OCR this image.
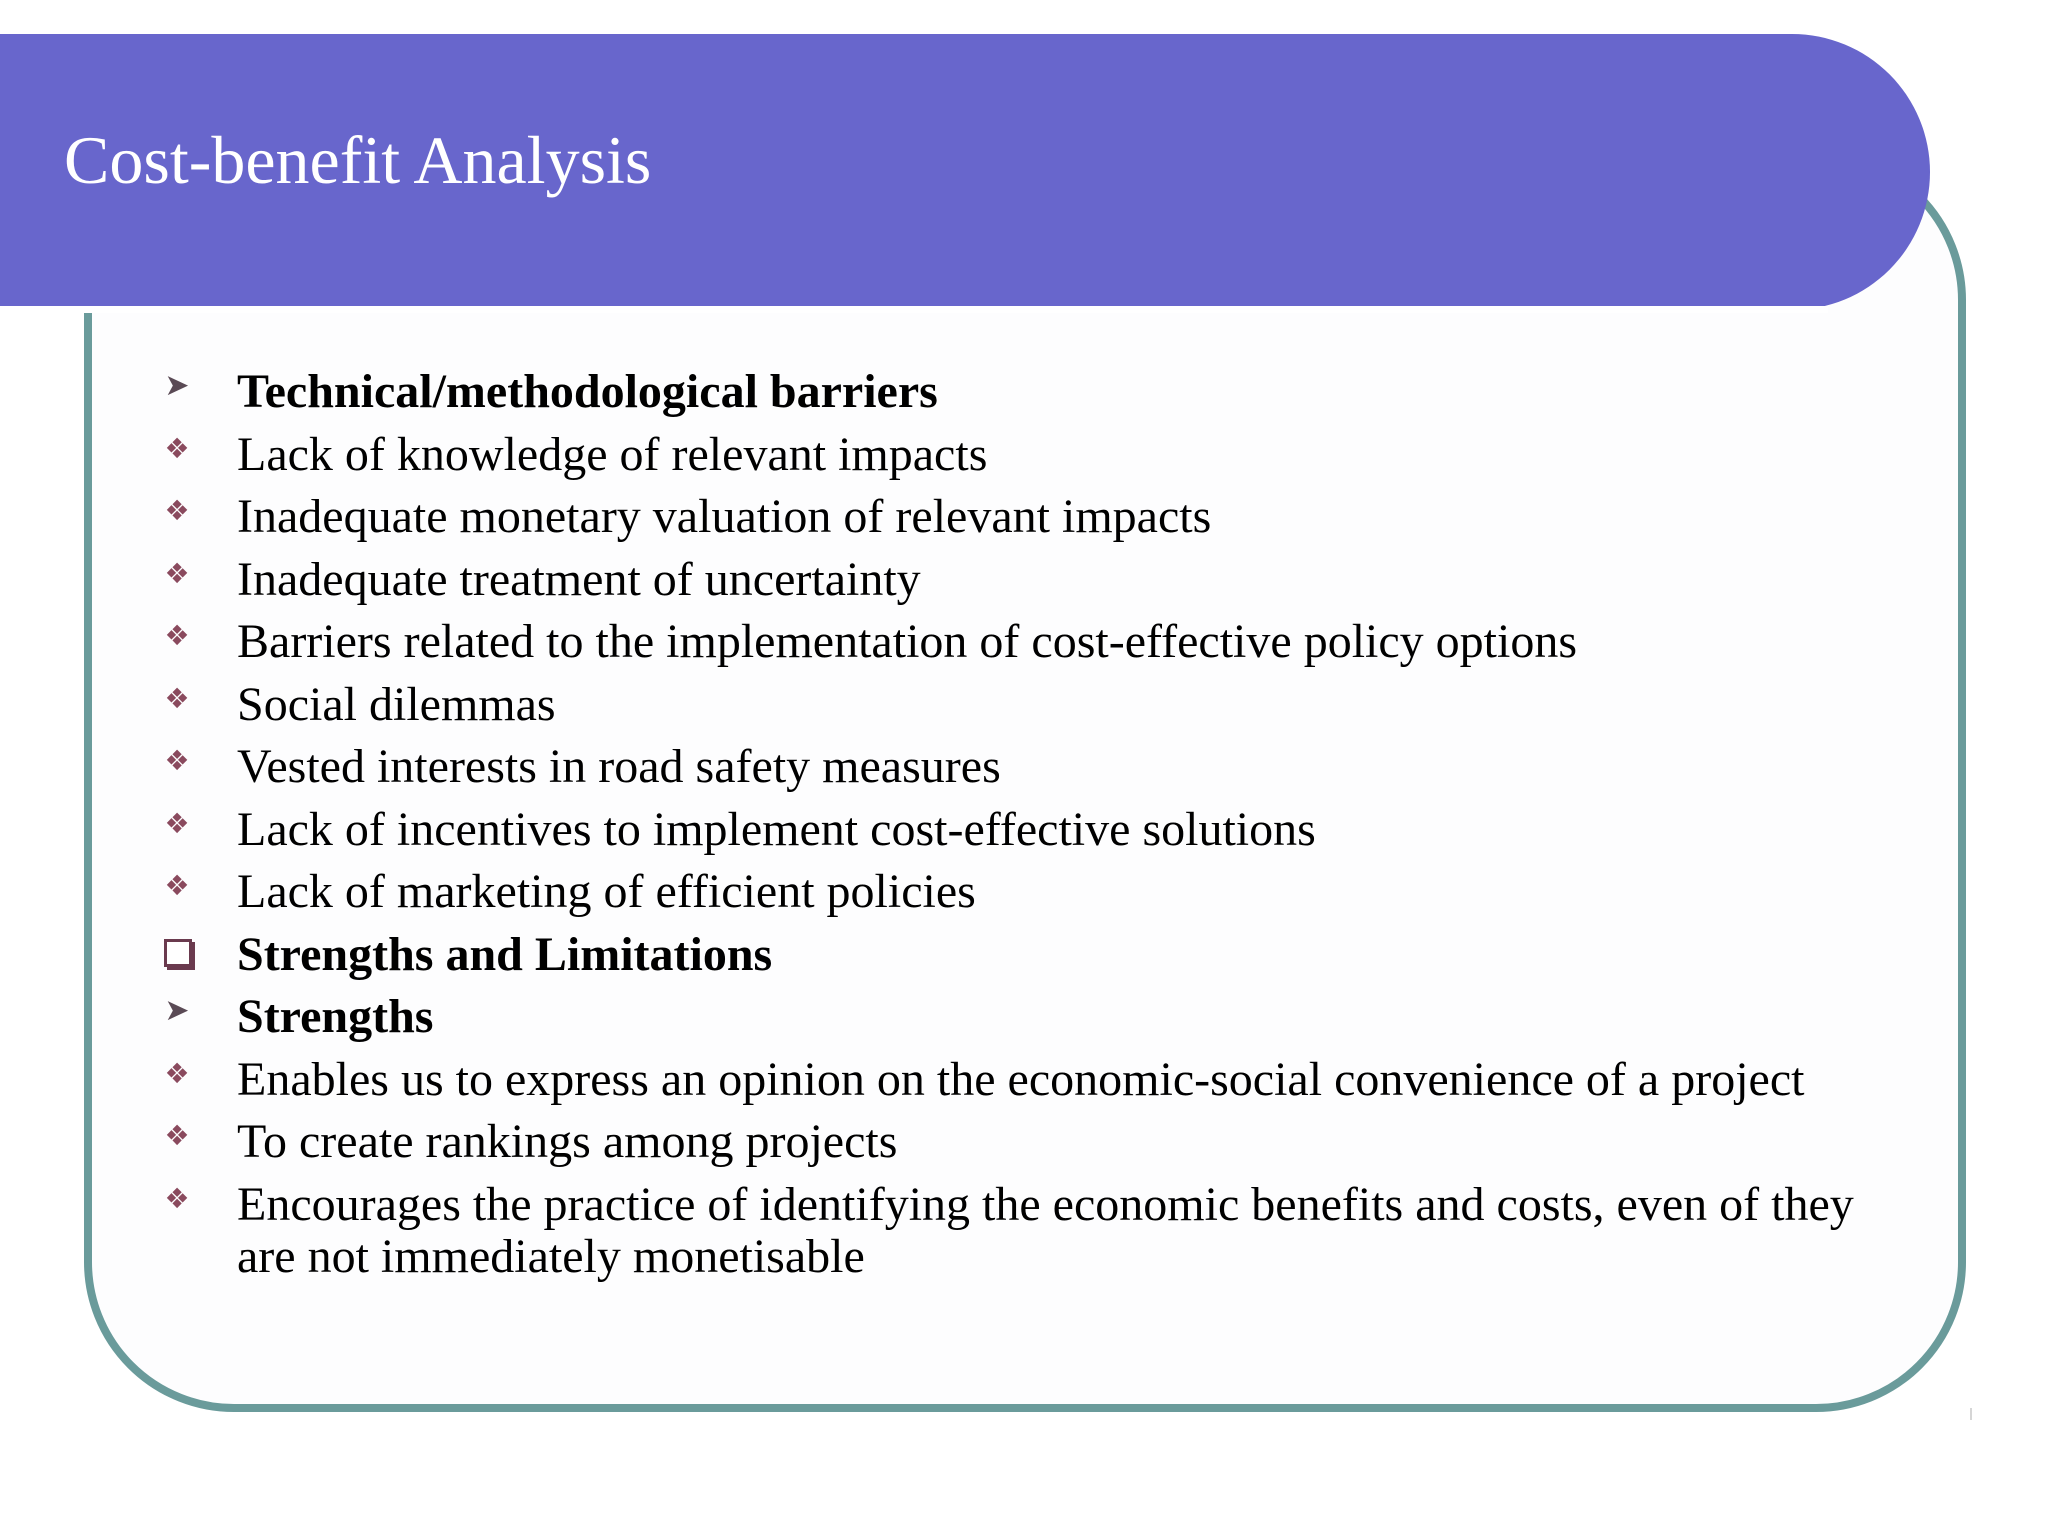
Cost-benefit Analysis
➤ Technical/methodological barriers
❖ Lack of knowledge of relevant impacts
❖ Inadequate monetary valuation of relevant impacts
❖ Inadequate treatment of uncertainty
❖ Barriers related to the implementation of cost-effective policy options
❖ Social dilemmas
❖ Vested interests in road safety measures
❖ Lack of incentives to implement cost-effective solutions
❖ Lack of marketing of efficient policies
Strengths and Limitations
➤ Strengths
❖ Enables us to express an opinion on the economic-social convenience of a project
❖ To create rankings among projects
❖ Encourages the practice of identifying the economic benefits and costs, even of they are not immediately monetisable
